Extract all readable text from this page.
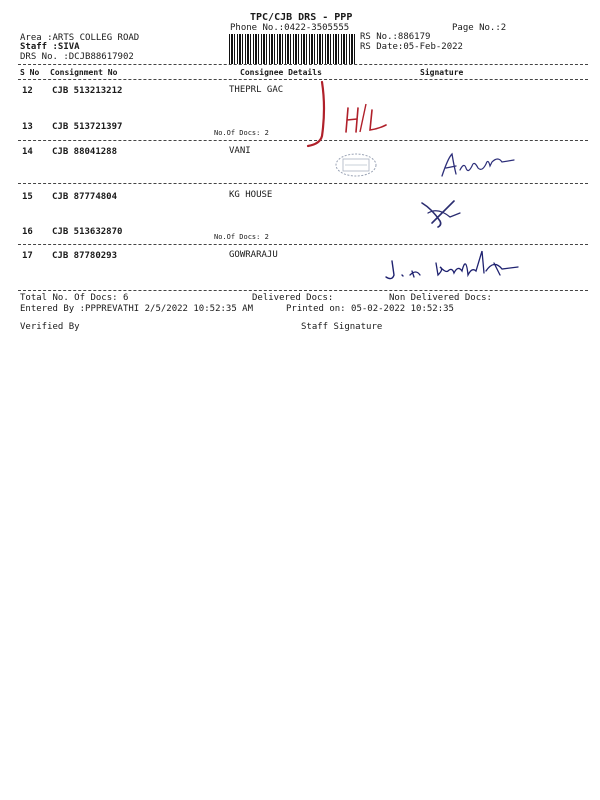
TPC/CJB DRS - PPP
Phone No.:0422-3505555	Page No.:2
Area :ARTS COLLEG ROAD
Staff :SIVA
DRS No. :DCJB88617902
RS No.:886179
RS Date:05-Feb-2022
S No Consignment No	Consignee Details	Signature
12 CJB 513213212	THEPRL GAC
13 CJB 513721397
No.Of Docs: 2
14 CJB 88041288	VANI
15 CJB 87774804	KG HOUSE
16 CJB 513632870	No.Of Docs: 2
17 CJB 87780293	GOWRARAJU
Total No. Of Docs: 6	Delivered Docs:	Non Delivered Docs:
Entered By :PPPREVATHI 2/5/2022 10:52:35 AM	Printed on: 05-02-2022 10:52:35
Verified By	Staff Signature
